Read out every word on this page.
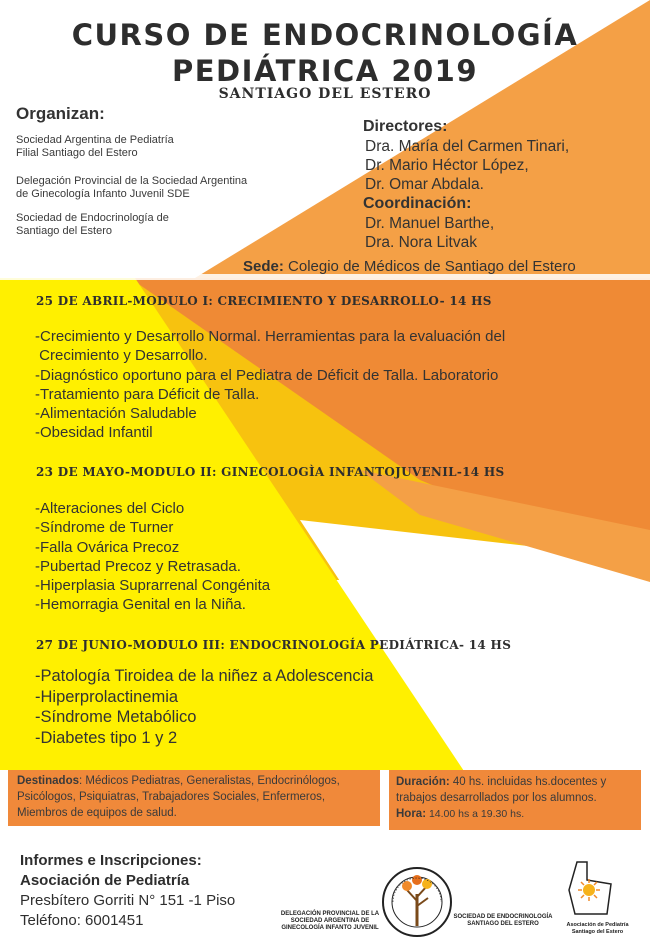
CURSO DE ENDOCRINOLOGÍA
PEDIÁTRICA 2019
SANTIAGO DEL ESTERO
Organizan:
Sociedad Argentina de Pediatría
Filial Santiago del Estero
Delegación Provincial de la Sociedad Argentina
de Ginecología Infanto Juvenil SDE
Sociedad de Endocrinología de
Santiago del Estero
Directores:
Dra. María del Carmen Tinari,
Dr. Mario Héctor López,
Dr. Omar Abdala.
Coordinación:
Dr. Manuel Barthe,
Dra. Nora Litvak
Sede: Colegio de Médicos de Santiago del Estero
25 DE ABRIL-MODULO I: CRECIMIENTO Y DESARROLLO- 14 HS
-Crecimiento y Desarrollo Normal. Herramientas para la evaluación del
Crecimiento y Desarrollo.
-Diagnóstico oportuno para el Pediatra de Déficit de Talla. Laboratorio
-Tratamiento para Déficit de Talla.
-Alimentación Saludable
-Obesidad Infantil
23 DE MAYO-MODULO II: GINECOLOGÌA INFANTOJUVENIL-14 HS
-Alteraciones del Ciclo
-Síndrome de Turner
-Falla Ovárica Precoz
-Pubertad Precoz y Retrasada.
-Hiperplasia Suprarrenal Congénita
-Hemorragia Genital en la Niña.
27 DE JUNIO-MODULO III: ENDOCRINOLOGÍA PEDIÁTRICA- 14 HS
-Patología Tiroidea de la niñez a Adolescencia
-Hiperprolactinemia
-Síndrome Metabólico
-Diabetes tipo 1 y 2
Destinados: Médicos Pediatras, Generalistas, Endocrinólogos, Psicólogos, Psiquiatras, Trabajadores Sociales, Enfermeros, Miembros de equipos de salud.
Duración: 40 hs. incluidas hs.docentes y trabajos desarrollados por los alumnos.
Hora: 14.00 hs a 19.30 hs.
Informes e Inscripciones:
Asociación de Pediatría
Presbítero Gorriti N° 151 -1 Piso
Teléfono: 6001451	DELEGACIÓN PROVINCIAL DE LA
SOCIEDAD ARGENTINA DE
GINECOLOGÍA INFANTO JUVENIL
SOCIEDAD DE ENDOCRINOLOGÍA
SANTIAGO DEL ESTERO	Asociación de Pediatría
Santiago del Estero
